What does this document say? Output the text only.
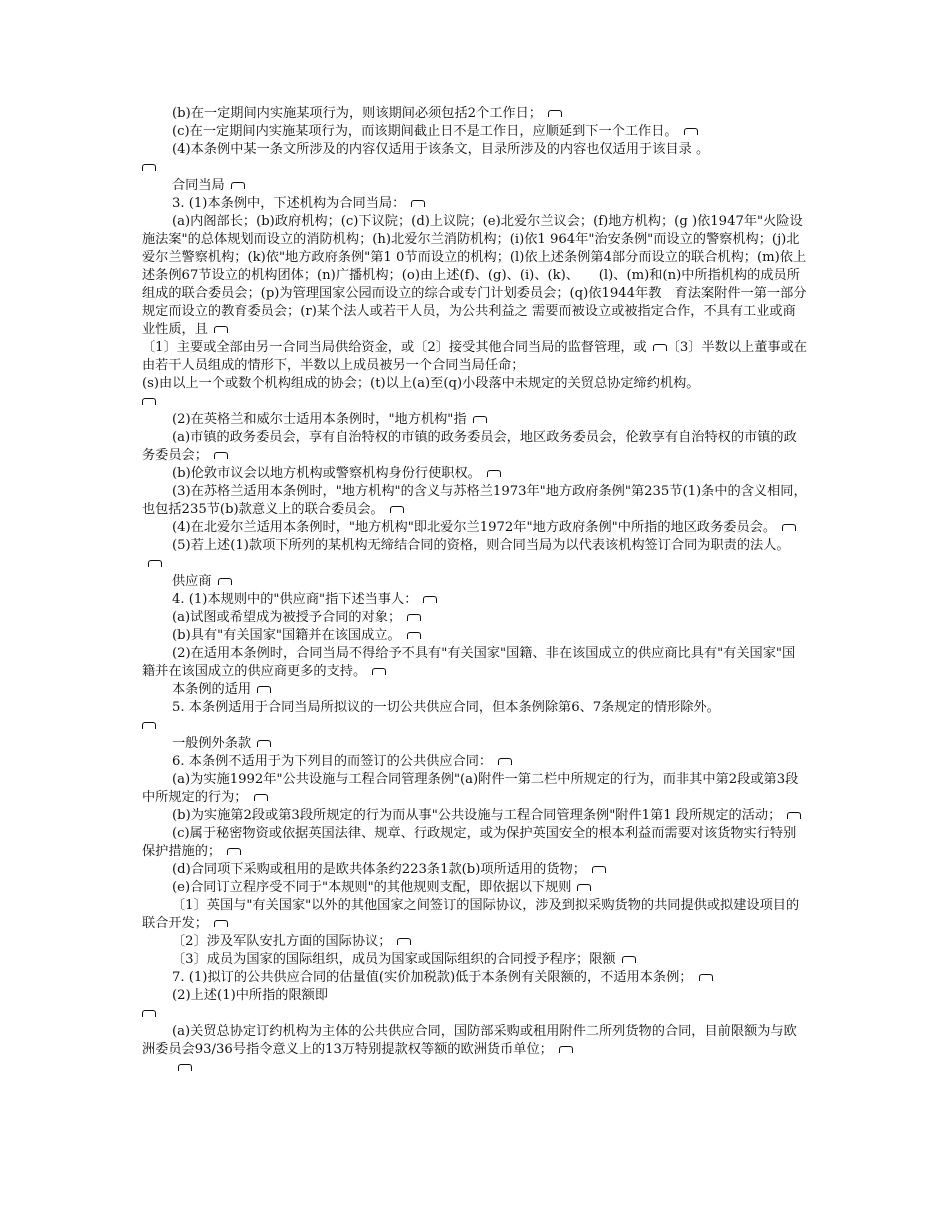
(b)在一定期间内实施某项行为，则该期间必须包括2个工作日；

(c)在一定期间内实施某项行为，而该期间截止日不是工作日，应顺延到下一个工作日。

(4)本条例中某一条文所涉及的内容仅适用于该条文，目录所涉及的内容也仅适用于该目录 。

合同当局

3. (1)本条例中，下述机构为合同当局：

(a)内阁部长；(b)政府机构；(c)下议院；(d)上议院；(e)北爱尔兰议会；(f)地方机构；(g )依1947年"火险设施法案"的总体规划而设立的消防机构；(h)北爱尔兰消防机构；(i)依1 964年"治安条例"而设立的警察机构；(j)北爱尔兰警察机构；(k)依"地方政府条例"第1 0节而设立的机构；(l)依上述条例第4部分而设立的联合机构；(m)依上述条例67节设立的机构团体；(n)广播机构；(o)由上述(f)、(g)、(i)、(k)、　　(l)、(m)和(n)中所指机构的成员所组成的联合委员会；(p)为管理国家公园而设立的综合或专门计划委员会；(q)依1944年教　育法案附件一第一部分规定而设立的教育委员会；(r)某个法人或若干人员，为公共利益之 需要而被设立或被指定合作，不具有工业或商业性质，且

〔1〕主要或全部由另一合同当局供给资金，或〔2〕接受其他合同当局的监督管理，或 〔3〕半数以上董事或在由若干人员组成的情形下，半数以上成员被另一个合同当局任命；

(s)由以上一个或数个机构组成的协会；(t)以上(a)至(q)小段落中未规定的关贸总协定缔约机构。

(2)在英格兰和威尔士适用本条例时，"地方机构"指

(a)市镇的政务委员会，享有自治特权的市镇的政务委员会，地区政务委员会，伦敦享有自治特权的市镇的政务委员会；

(b)伦敦市议会以地方机构或警察机构身份行使职权。

(3)在苏格兰适用本条例时，"地方机构"的含义与苏格兰1973年"地方政府条例"第235节(1)条中的含义相同，也包括235节(b)款意义上的联合委员会。

(4)在北爱尔兰适用本条例时，"地方机构"即北爱尔兰1972年"地方政府条例"中所指的地区政务委员会。

(5)若上述(1)款项下所列的某机构无缔结合同的资格，则合同当局为以代表该机构签订合同为职责的法人。

供应商

4. (1)本规则中的"供应商"指下述当事人：

(a)试图或希望成为被授予合同的对象；

(b)具有"有关国家"国籍并在该国成立。

(2)在适用本条例时，合同当局不得给予不具有"有关国家"国籍、非在该国成立的供应商比具有"有关国家"国籍并在该国成立的供应商更多的支持。

本条例的适用

5. 本条例适用于合同当局所拟议的一切公共供应合同，但本条例除第6、7条规定的情形除外。

一般例外条款

6. 本条例不适用于为下列目的而签订的公共供应合同：

(a)为实施1992年"公共设施与工程合同管理条例"(a)附件一第二栏中所规定的行为，而非其中第2段或第3段中所规定的行为；

(b)为实施第2段或第3段所规定的行为而从事"公共设施与工程合同管理条例"附件1第1 段所规定的活动；

(c)属于秘密物资或依据英国法律、规章、行政规定，或为保护英国安全的根本利益而需要对该货物实行特别保护措施的；

(d)合同项下采购或租用的是欧共体条约223条1款(b)项所适用的货物；

(e)合同订立程序受不同于"本规则"的其他规则支配，即依据以下规则

〔1〕英国与"有关国家"以外的其他国家之间签订的国际协议，涉及到拟采购货物的共同提供或拟建设项目的联合开发；

〔2〕涉及军队安扎方面的国际协议；

〔3〕成员为国家的国际组织，成员为国家或国际组织的合同授予程序；限额

7. (1)拟订的公共供应合同的估量值(实价加税款)低于本条例有关限额的，不适用本条例；

(2)上述(1)中所指的限额即

(a)关贸总协定订约机构为主体的公共供应合同，国防部采购或租用附件二所列货物的合同，目前限额为与欧洲委员会93/36号指令意义上的13万特别提款权等额的欧洲货币单位；
